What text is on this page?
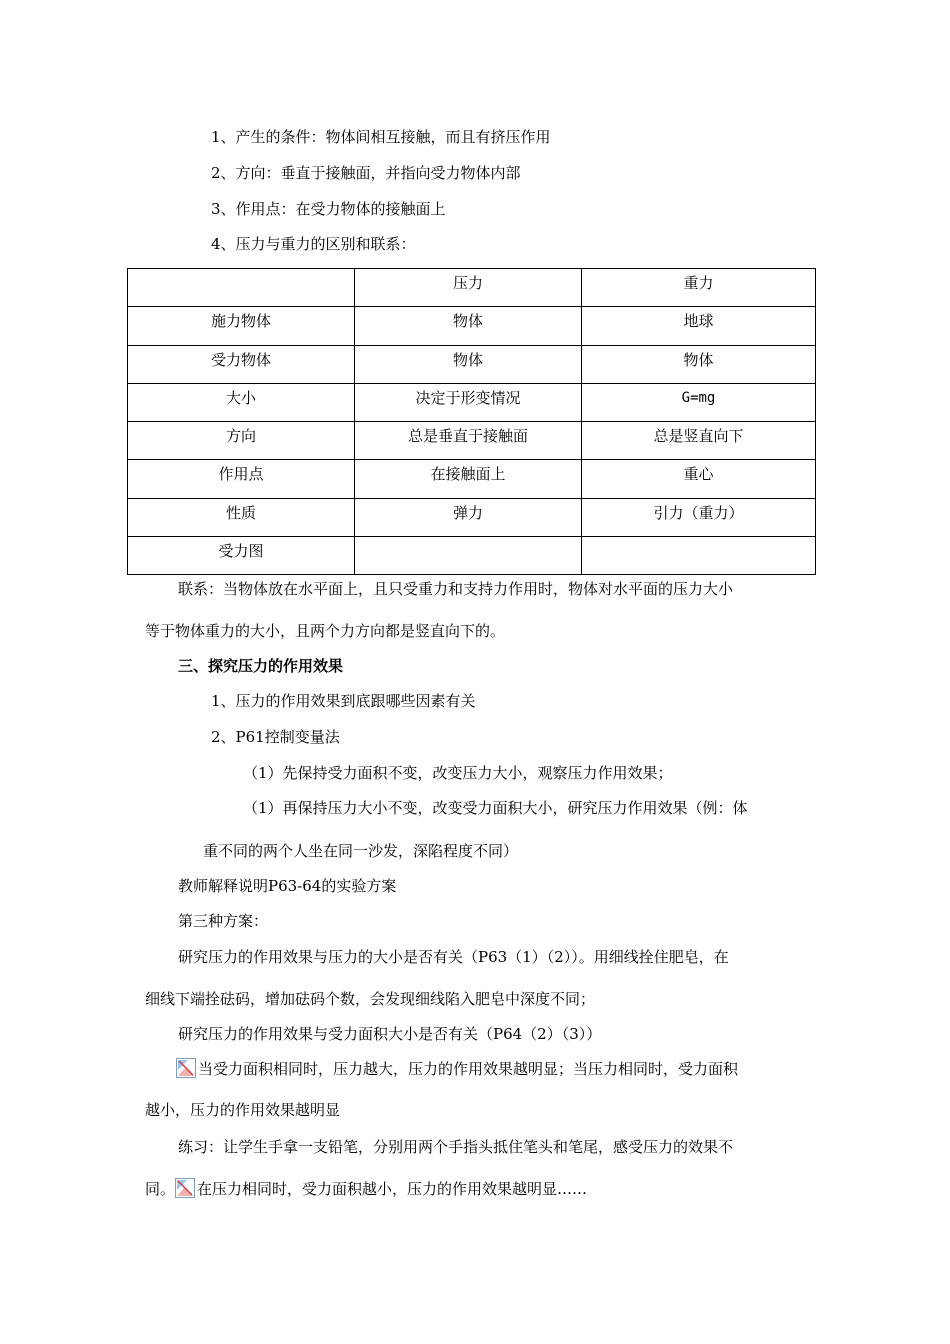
1、产生的条件：物体间相互接触，而且有挤压作用
2、方向：垂直于接触面，并指向受力物体内部
3、作用点：在受力物体的接触面上
4、压力与重力的区别和联系：
	压力	重力
施力物体	物体	地球
受力物体	物体	物体
大小	决定于形变情况	G=mg
方向	总是垂直于接触面	总是竖直向下
作用点	在接触面上	重心
性质	弹力	引力（重力）
受力图		
联系：当物体放在水平面上，且只受重力和支持力作用时，物体对水平面的压力大小
等于物体重力的大小，且两个力方向都是竖直向下的。
三、探究压力的作用效果
1、压力的作用效果到底跟哪些因素有关
2、P61控制变量法
（1）先保持受力面积不变，改变压力大小，观察压力作用效果；
（1）再保持压力大小不变，改变受力面积大小，研究压力作用效果（例：体
重不同的两个人坐在同一沙发，深陷程度不同）
教师解释说明P63-64的实验方案
第三种方案：
研究压力的作用效果与压力的大小是否有关（P63（1）（2））。用细线拴住肥皂，在
细线下端拴砝码，增加砝码个数，会发现细线陷入肥皂中深度不同；
研究压力的作用效果与受力面积大小是否有关（P64（2）（3））
当受力面积相同时，压力越大，压力的作用效果越明显；当压力相同时，受力面积
越小，压力的作用效果越明显
练习：让学生手拿一支铅笔，分别用两个手指头抵住笔头和笔尾，感受压力的效果不
同。 在压力相同时，受力面积越小，压力的作用效果越明显……
